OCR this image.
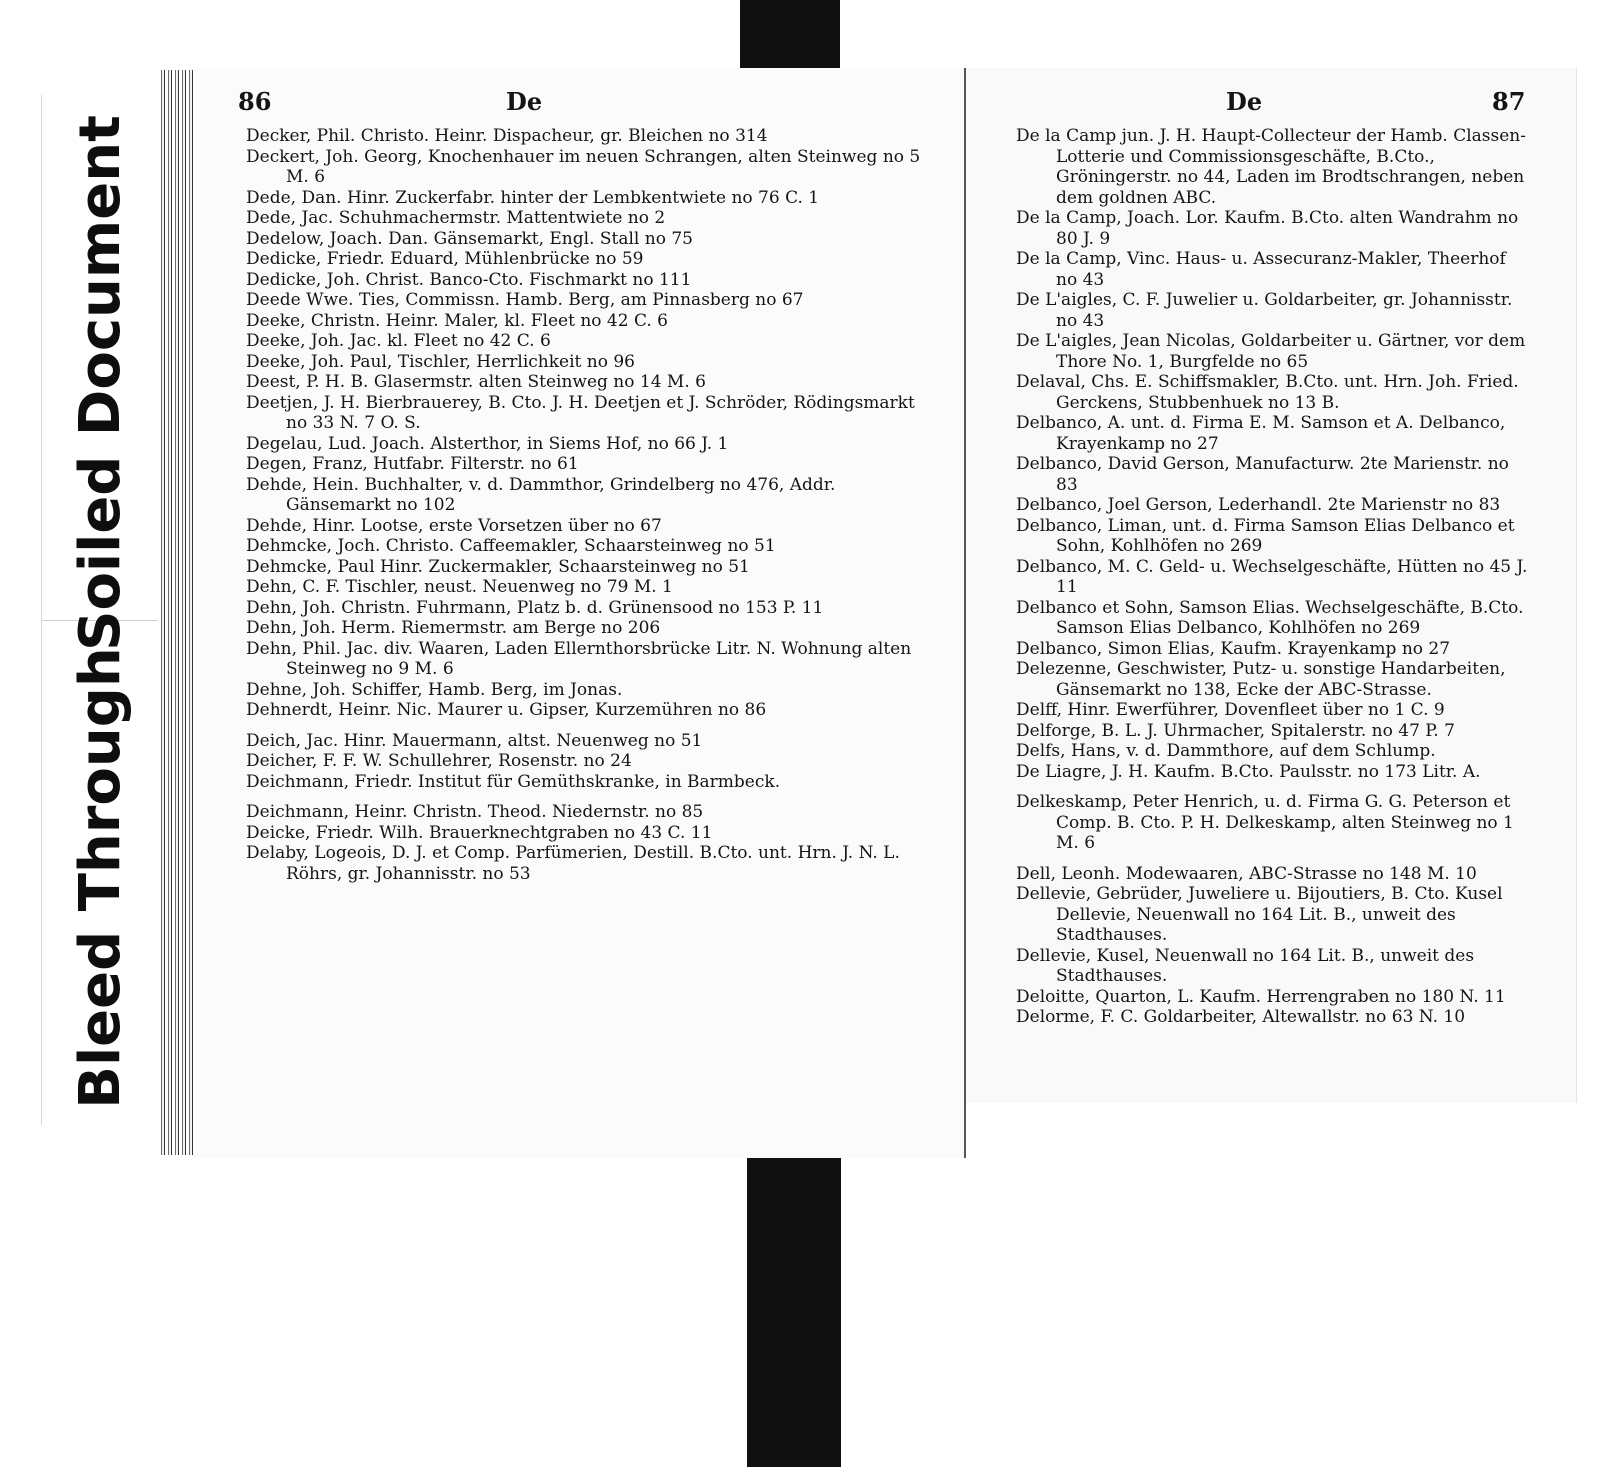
Soiled Document
Bleed Through
86	De
Decker, Phil. Christo. Heinr. Dispacheur, gr. Bleichen no 314
Deckert, Joh. Georg, Knochenhauer im neuen Schrangen, alten Steinweg no 5 M. 6
Dede, Dan. Hinr. Zuckerfabr. hinter der Lembkentwiete no 76 C. 1
Dede, Jac. Schuhmachermstr. Mattentwiete no 2
Dedelow, Joach. Dan. Gänsemarkt, Engl. Stall no 75
Dedicke, Friedr. Eduard, Mühlenbrücke no 59
Dedicke, Joh. Christ. Banco-Cto. Fischmarkt no 111
Deede Wwe. Ties, Commissn. Hamb. Berg, am Pinnasberg no 67
Deeke, Christn. Heinr. Maler, kl. Fleet no 42 C. 6
Deeke, Joh. Jac. kl. Fleet no 42 C. 6
Deeke, Joh. Paul, Tischler, Herrlichkeit no 96
Deest, P. H. B. Glasermstr. alten Steinweg no 14 M. 6
Deetjen, J. H. Bierbrauerey, B. Cto. J. H. Deetjen et J. Schröder, Rödingsmarkt no 33 N. 7 O. S.
Degelau, Lud. Joach. Alsterthor, in Siems Hof, no 66 J. 1
Degen, Franz, Hutfabr. Filterstr. no 61
Dehde, Hein. Buchhalter, v. d. Dammthor, Grindelberg no 476, Addr. Gänsemarkt no 102
Dehde, Hinr. Lootse, erste Vorsetzen über no 67
Dehmcke, Joch. Christo. Caffeemakler, Schaarsteinweg no 51
Dehmcke, Paul Hinr. Zuckermakler, Schaarsteinweg no 51
Dehn, C. F. Tischler, neust. Neuenweg no 79 M. 1
Dehn, Joh. Christn. Fuhrmann, Platz b. d. Grünensood no 153 P. 11
Dehn, Joh. Herm. Riemermstr. am Berge no 206
Dehn, Phil. Jac. div. Waaren, Laden Ellernthorsbrücke Litr. N. Wohnung alten Steinweg no 9 M. 6
Dehne, Joh. Schiffer, Hamb. Berg, im Jonas.
Dehnerdt, Heinr. Nic. Maurer u. Gipser, Kurzemühren no 86
Deich, Jac. Hinr. Mauermann, altst. Neuenweg no 51
Deicher, F. F. W. Schullehrer, Rosenstr. no 24
Deichmann, Friedr. Institut für Gemüthskranke, in Barmbeck.
Deichmann, Heinr. Christn. Theod. Niedernstr. no 85
Deicke, Friedr. Wilh. Brauerknechtgraben no 43 C. 11
Delaby, Logeois, D. J. et Comp. Parfümerien, Destill. B.Cto. unt. Hrn. J. N. L. Röhrs, gr. Johannisstr. no 53
De	87
De la Camp jun. J. H. Haupt-Collecteur der Hamb. Classen-Lotterie und Commissionsgeschäfte, B.Cto., Gröningerstr. no 44, Laden im Brodtschrangen, neben dem goldnen ABC.
De la Camp, Joach. Lor. Kaufm. B.Cto. alten Wandrahm no 80 J. 9
De la Camp, Vinc. Haus- u. Assecuranz-Makler, Theerhof no 43
De L'aigles, C. F. Juwelier u. Goldarbeiter, gr. Johannisstr. no 43
De L'aigles, Jean Nicolas, Goldarbeiter u. Gärtner, vor dem Thore No. 1, Burgfelde no 65
Delaval, Chs. E. Schiffsmakler, B.Cto. unt. Hrn. Joh. Fried. Gerckens, Stubbenhuek no 13 B.
Delbanco, A. unt. d. Firma E. M. Samson et A. Delbanco, Krayenkamp no 27
Delbanco, David Gerson, Manufacturw. 2te Marienstr. no 83
Delbanco, Joel Gerson, Lederhandl. 2te Marienstr no 83
Delbanco, Liman, unt. d. Firma Samson Elias Delbanco et Sohn, Kohlhöfen no 269
Delbanco, M. C. Geld- u. Wechselgeschäfte, Hütten no 45 J. 11
Delbanco et Sohn, Samson Elias. Wechselgeschäfte, B.Cto. Samson Elias Delbanco, Kohlhöfen no 269
Delbanco, Simon Elias, Kaufm. Krayenkamp no 27
Delezenne, Geschwister, Putz- u. sonstige Handarbeiten, Gänsemarkt no 138, Ecke der ABC-Strasse.
Delff, Hinr. Ewerführer, Dovenfleet über no 1 C. 9
Delforge, B. L. J. Uhrmacher, Spitalerstr. no 47 P. 7
Delfs, Hans, v. d. Dammthore, auf dem Schlump.
De Liagre, J. H. Kaufm. B.Cto. Paulsstr. no 173 Litr. A.
Delkeskamp, Peter Henrich, u. d. Firma G. G. Peterson et Comp. B. Cto. P. H. Delkeskamp, alten Steinweg no 1 M. 6
Dell, Leonh. Modewaaren, ABC-Strasse no 148 M. 10
Dellevie, Gebrüder, Juweliere u. Bijoutiers, B. Cto. Kusel Dellevie, Neuenwall no 164 Lit. B., unweit des Stadthauses.
Dellevie, Kusel, Neuenwall no 164 Lit. B., unweit des Stadthauses.
Deloitte, Quarton, L. Kaufm. Herrengraben no 180 N. 11
Delorme, F. C. Goldarbeiter, Altewallstr. no 63 N. 10
